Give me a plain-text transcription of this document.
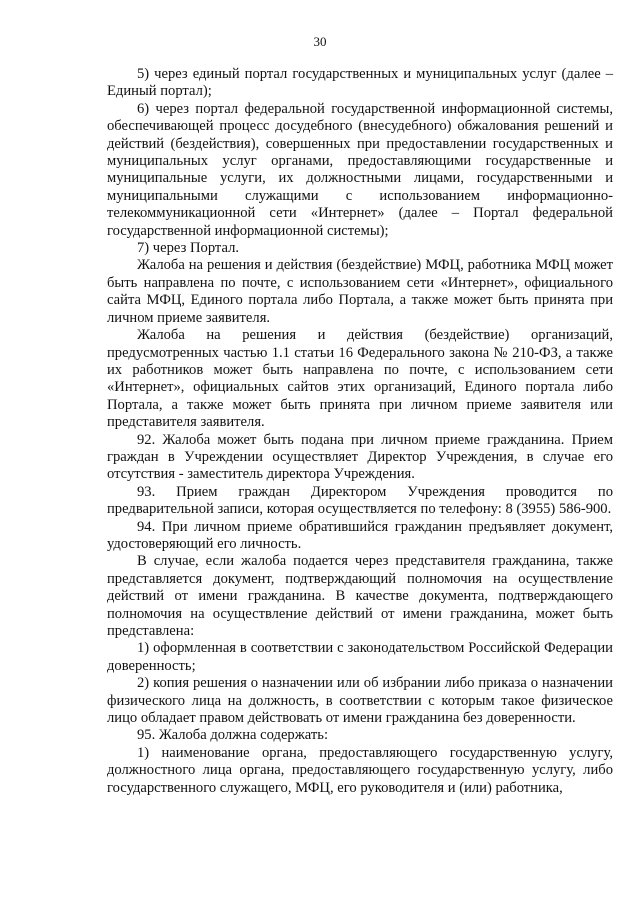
30

5) через единый портал государственных и муниципальных услуг (далее – Единый портал);

6) через портал федеральной государственной информационной системы, обеспечивающей процесс досудебного (внесудебного) обжалования решений и действий (бездействия), совершенных при предоставлении государственных и муниципальных услуг органами, предоставляющими государственные и муниципальные услуги, их должностными лицами, государственными и муниципальными служащими с использованием информационно-телекоммуникационной сети «Интернет» (далее – Портал федеральной государственной информационной системы);

7) через Портал.

Жалоба на решения и действия (бездействие) МФЦ, работника МФЦ может быть направлена по почте, с использованием сети «Интернет», официального сайта МФЦ, Единого портала либо Портала, а также может быть принята при личном приеме заявителя.

Жалоба на решения и действия (бездействие) организаций, предусмотренных частью 1.1 статьи 16 Федерального закона № 210-ФЗ, а также их работников может быть направлена по почте, с использованием сети «Интернет», официальных сайтов этих организаций, Единого портала либо Портала, а также может быть принята при личном приеме заявителя или представителя заявителя.

92. Жалоба может быть подана при личном приеме гражданина. Прием граждан в Учреждении осуществляет Директор Учреждения, в случае его отсутствия - заместитель директора Учреждения.

93. Прием граждан Директором Учреждения проводится по предварительной записи, которая осуществляется по телефону: 8 (3955) 586-900.

94. При личном приеме обратившийся гражданин предъявляет документ, удостоверяющий его личность.

В случае, если жалоба подается через представителя гражданина, также представляется документ, подтверждающий полномочия на осуществление действий от имени гражданина. В качестве документа, подтверждающего полномочия на осуществление действий от имени гражданина, может быть представлена:

1) оформленная в соответствии с законодательством Российской Федерации доверенность;

2) копия решения о назначении или об избрании либо приказа о назначении физического лица на должность, в соответствии с которым такое физическое лицо обладает правом действовать от имени гражданина без доверенности.

95. Жалоба должна содержать:

1) наименование органа, предоставляющего государственную услугу, должностного лица органа, предоставляющего государственную услугу, либо государственного служащего, МФЦ, его руководителя и (или) работника,
